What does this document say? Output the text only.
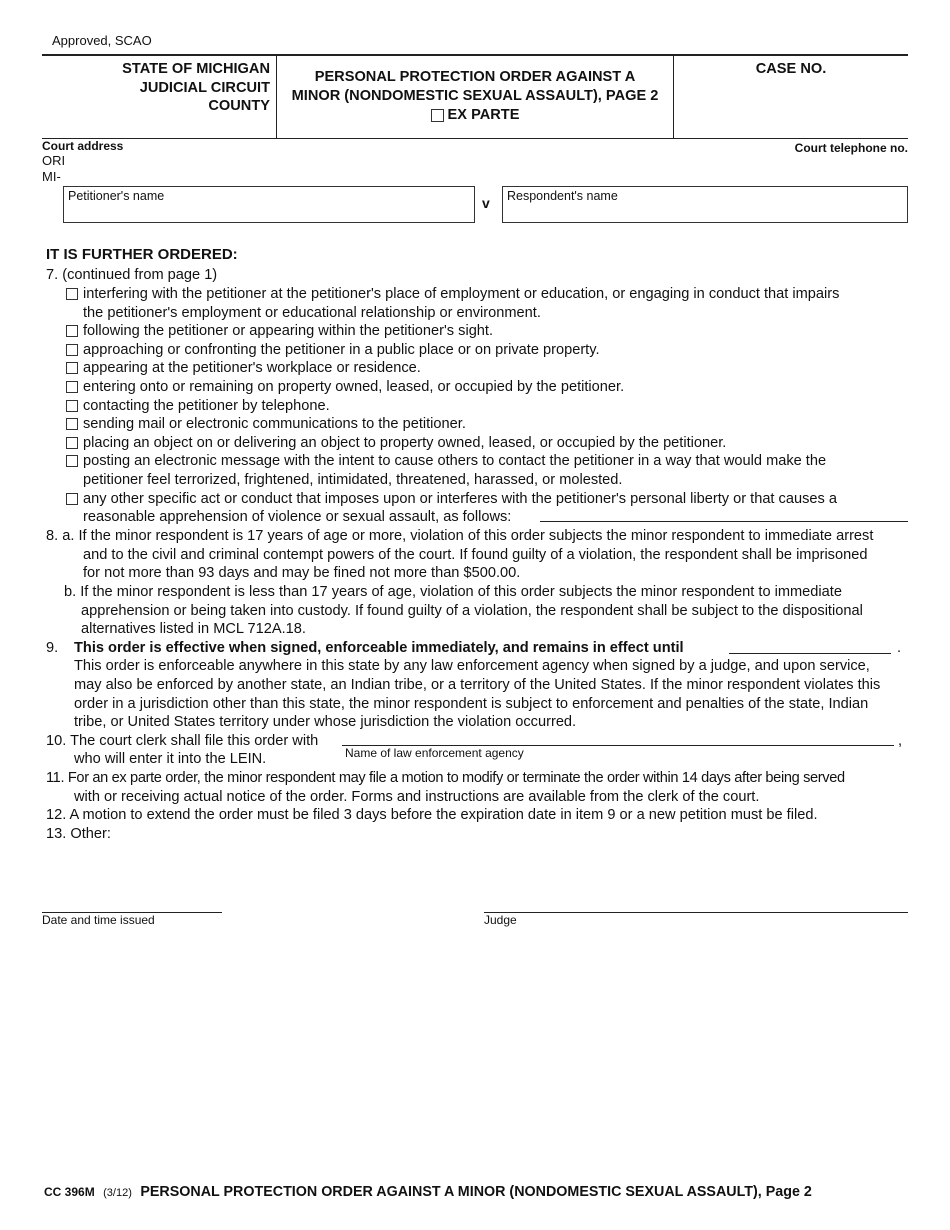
Approved, SCAO
STATE OF MICHIGAN
JUDICIAL CIRCUIT
COUNTY
PERSONAL PROTECTION ORDER AGAINST A
MINOR (NONDOMESTIC SEXUAL ASSAULT), PAGE 2
EX PARTE
CASE NO.
Court address	Court telephone no.
ORI
MI-
Petitioner's name	v Respondent's name
IT IS FURTHER ORDERED:
7. (continued from page 1)
interfering with the petitioner at the petitioner's place of employment or education, or engaging in conduct that impairs
the petitioner's employment or educational relationship or environment.
following the petitioner or appearing within the petitioner's sight.
approaching or confronting the petitioner in a public place or on private property.
appearing at the petitioner's workplace or residence.
entering onto or remaining on property owned, leased, or occupied by the petitioner.
contacting the petitioner by telephone.
sending mail or electronic communications to the petitioner.
placing an object on or delivering an object to property owned, leased, or occupied by the petitioner.
posting an electronic message with the intent to cause others to contact the petitioner in a way that would make the
petitioner feel terrorized, frightened, intimidated, threatened, harassed, or molested.
any other specific act or conduct that imposes upon or interferes with the petitioner's personal liberty or that causes a
reasonable apprehension of violence or sexual assault, as follows:
8. a. If the minor respondent is 17 years of age or more, violation of this order subjects the minor respondent to immediate arrest
and to the civil and criminal contempt powers of the court. If found guilty of a violation, the respondent shall be imprisoned
for not more than 93 days and may be fined not more than $500.00.
b. If the minor respondent is less than 17 years of age, violation of this order subjects the minor respondent to immediate
apprehension or being taken into custody. If found guilty of a violation, the respondent shall be subject to the dispositional
alternatives listed in MCL 712A.18.
9. This order is effective when signed, enforceable immediately, and remains in effect until	.
This order is enforceable anywhere in this state by any law enforcement agency when signed by a judge, and upon service,
may also be enforced by another state, an Indian tribe, or a territory of the United States. If the minor respondent violates this
order in a jurisdiction other than this state, the minor respondent is subject to enforcement and penalties of the state, Indian
tribe, or United States territory under whose jurisdiction the violation occurred.
10. The court clerk shall file this order with
Name of law enforcement agency
,
who will enter it into the LEIN.
11. For an ex parte order, the minor respondent may file a motion to modify or terminate the order within 14 days after being served
with or receiving actual notice of the order. Forms and instructions are available from the clerk of the court.
12. A motion to extend the order must be filed 3 days before the expiration date in item 9 or a new petition must be filed.
13. Other:
Date and time issued	Judge
CC 396M (3/12) PERSONAL PROTECTION ORDER AGAINST A MINOR (NONDOMESTIC SEXUAL ASSAULT), Page 2
